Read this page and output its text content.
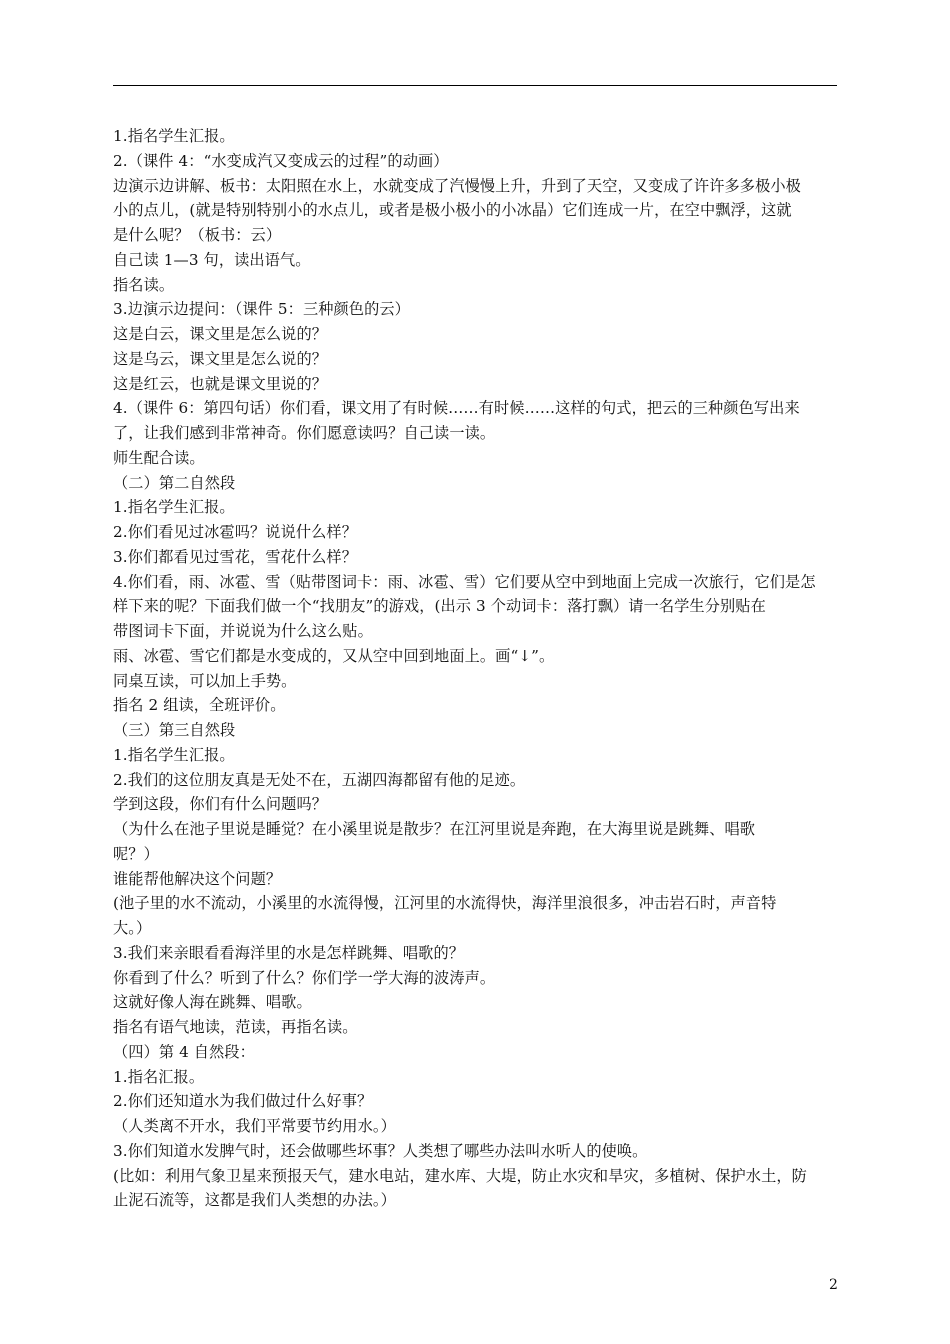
1.指名学生汇报。
2.（课件 4：“水变成汽又变成云的过程”的动画）
边演示边讲解、板书：太阳照在水上，水就变成了汽慢慢上升，升到了天空，又变成了许许多多极小极
小的点儿，(就是特别特别小的水点儿，或者是极小极小的小冰晶）它们连成一片，在空中飘浮，这就
是什么呢？（板书：云）
自己读 1—3 句，读出语气。
指名读。
3.边演示边提问：（课件 5：三种颜色的云）
这是白云，课文里是怎么说的？
这是乌云，课文里是怎么说的？
这是红云，也就是课文里说的？
4.（课件 6：第四句话）你们看，课文用了有时候……有时候……这样的句式，把云的三种颜色写出来
了，让我们感到非常神奇。你们愿意读吗？自己读一读。
师生配合读。
（二）第二自然段
1.指名学生汇报。
2.你们看见过冰雹吗？说说什么样？
3.你们都看见过雪花，雪花什么样？
4.你们看，雨、冰雹、雪（贴带图词卡：雨、冰雹、雪）它们要从空中到地面上完成一次旅行，它们是怎
样下来的呢？下面我们做一个“找朋友”的游戏，(出示 3 个动词卡：落打飘）请一名学生分别贴在
带图词卡下面，并说说为什么这么贴。
雨、冰雹、雪它们都是水变成的，又从空中回到地面上。画“↓”。
同桌互读，可以加上手势。
指名 2 组读，全班评价。
（三）第三自然段
1.指名学生汇报。
2.我们的这位朋友真是无处不在，五湖四海都留有他的足迹。
学到这段，你们有什么问题吗？
（为什么在池子里说是睡觉？在小溪里说是散步？在江河里说是奔跑，在大海里说是跳舞、唱歌
呢？）
谁能帮他解决这个问题？
(池子里的水不流动，小溪里的水流得慢，江河里的水流得快，海洋里浪很多，冲击岩石时，声音特
大。）
3.我们来亲眼看看海洋里的水是怎样跳舞、唱歌的？
你看到了什么？听到了什么？你们学一学大海的波涛声。
这就好像人海在跳舞、唱歌。
指名有语气地读，范读，再指名读。
（四）第 4 自然段：
1.指名汇报。
2.你们还知道水为我们做过什么好事？
（人类离不开水，我们平常要节约用水。）
3.你们知道水发脾气时，还会做哪些坏事？人类想了哪些办法叫水听人的使唤。
(比如：利用气象卫星来预报天气，建水电站，建水库、大堤，防止水灾和旱灾，多植树、保护水土，防
止泥石流等，这都是我们人类想的办法。）
2
